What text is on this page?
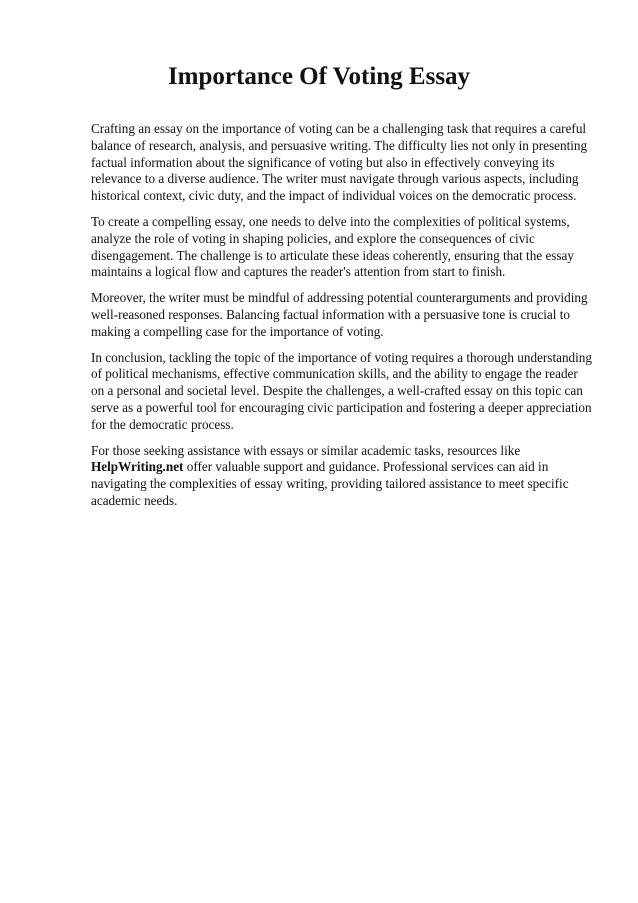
Importance Of Voting Essay

Crafting an essay on the importance of voting can be a challenging task that requires a careful balance of research, analysis, and persuasive writing. The difficulty lies not only in presenting factual information about the significance of voting but also in effectively conveying its relevance to a diverse audience. The writer must navigate through various aspects, including historical context, civic duty, and the impact of individual voices on the democratic process.

To create a compelling essay, one needs to delve into the complexities of political systems, analyze the role of voting in shaping policies, and explore the consequences of civic disengagement. The challenge is to articulate these ideas coherently, ensuring that the essay maintains a logical flow and captures the reader's attention from start to finish.

Moreover, the writer must be mindful of addressing potential counterarguments and providing well-reasoned responses. Balancing factual information with a persuasive tone is crucial to making a compelling case for the importance of voting.

In conclusion, tackling the topic of the importance of voting requires a thorough understanding of political mechanisms, effective communication skills, and the ability to engage the reader on a personal and societal level. Despite the challenges, a well-crafted essay on this topic can serve as a powerful tool for encouraging civic participation and fostering a deeper appreciation for the democratic process.

For those seeking assistance with essays or similar academic tasks, resources like HelpWriting.net offer valuable support and guidance. Professional services can aid in navigating the complexities of essay writing, providing tailored assistance to meet specific academic needs.
